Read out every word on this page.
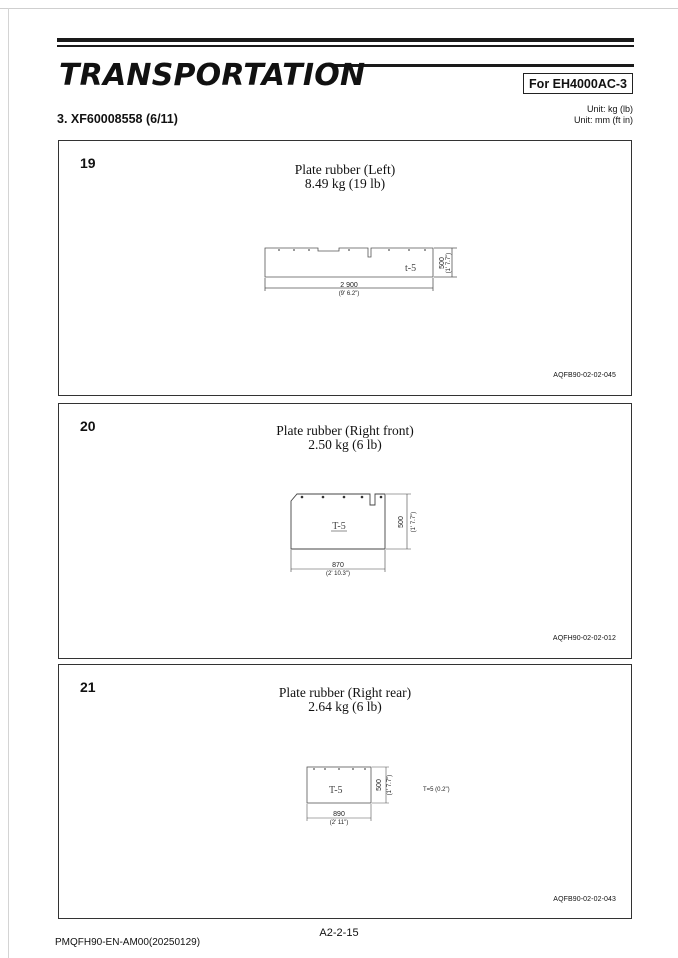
TRANSPORTATION	For EH4000AC-3
3. XF60008558 (6/11)
Unit: kg (lb)
Unit: mm (ft in)
19	Plate rubber (Left)
8.49 kg (19 lb)
t-5
2 900
(9' 6.2")
500 (1' 7.7")
AQFB90-02-02-045
20	Plate rubber (Right front)
2.50 kg (6 lb)
T-5
870
(2' 10.3")
500 (1' 7.7")
AQFH90-02-02-012
21	Plate rubber (Right rear)
2.64 kg (6 lb)
T-5
890
(2' 11")
500 (1' 7.7")	T=5 (0.2")
AQFB90-02-02-043
A2-2-15
PMQFH90-EN-AM00(20250129)
